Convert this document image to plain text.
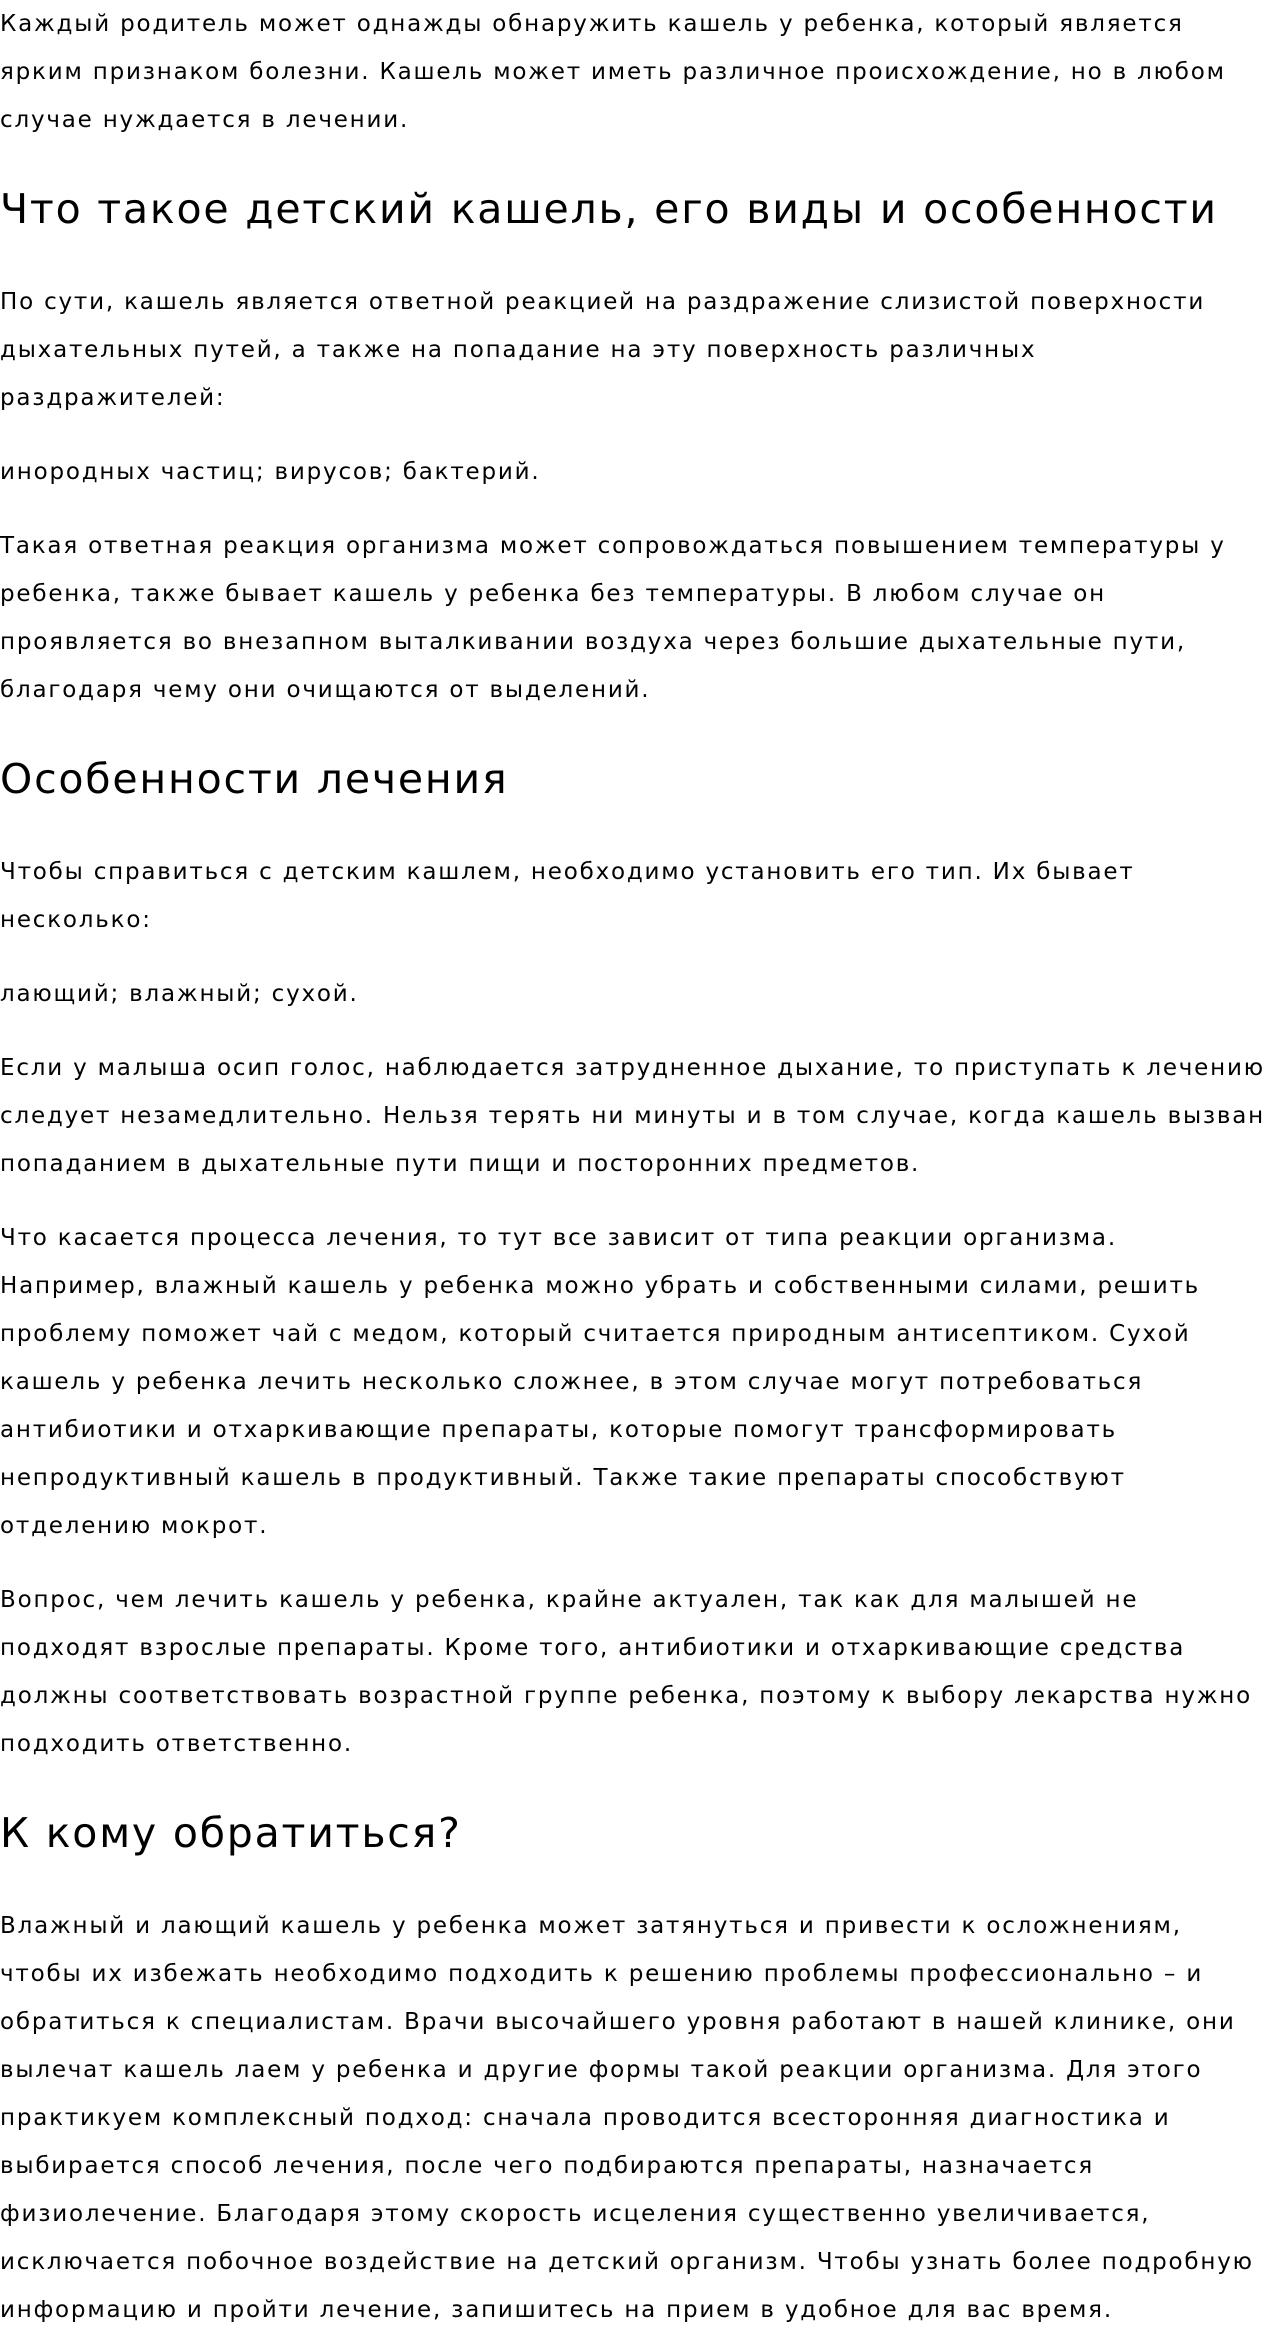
Каждый родитель может однажды обнаружить кашель у ребенка, который является ярким признаком болезни. Кашель может иметь различное происхождение, но в любом случае нуждается в лечении.

Что такое детский кашель, его виды и особенности

По сути, кашель является ответной реакцией на раздражение слизистой поверхности дыхательных путей, а также на попадание на эту поверхность различных раздражителей:

инородных частиц; вирусов; бактерий.

Такая ответная реакция организма может сопровождаться повышением температуры у ребенка, также бывает кашель у ребенка без температуры. В любом случае он проявляется во внезапном выталкивании воздуха через большие дыхательные пути, благодаря чему они очищаются от выделений.

Особенности лечения

Чтобы справиться с детским кашлем, необходимо установить его тип. Их бывает несколько:

лающий; влажный; сухой.

Если у малыша осип голос, наблюдается затрудненное дыхание, то приступать к лечению следует незамедлительно. Нельзя терять ни минуты и в том случае, когда кашель вызван попаданием в дыхательные пути пищи и посторонних предметов.

Что касается процесса лечения, то тут все зависит от типа реакции организма. Например, влажный кашель у ребенка можно убрать и собственными силами, решить проблему поможет чай с медом, который считается природным антисептиком. Сухой кашель у ребенка лечить несколько сложнее, в этом случае могут потребоваться антибиотики и отхаркивающие препараты, которые помогут трансформировать непродуктивный кашель в продуктивный. Также такие препараты способствуют отделению мокрот.

Вопрос, чем лечить кашель у ребенка, крайне актуален, так как для малышей не подходят взрослые препараты. Кроме того, антибиотики и отхаркивающие средства должны соответствовать возрастной группе ребенка, поэтому к выбору лекарства нужно подходить ответственно.

К кому обратиться?

Влажный и лающий кашель у ребенка может затянуться и привести к осложнениям, чтобы их избежать необходимо подходить к решению проблемы профессионально – и обратиться к специалистам. Врачи высочайшего уровня работают в нашей клинике, они вылечат кашель лаем у ребенка и другие формы такой реакции организма. Для этого практикуем комплексный подход: сначала проводится всесторонняя диагностика и выбирается способ лечения, после чего подбираются препараты, назначается физиолечение. Благодаря этому скорость исцеления существенно увеличивается, исключается побочное воздействие на детский организм. Чтобы узнать более подробную информацию и пройти лечение, запишитесь на прием в удобное для вас время.
